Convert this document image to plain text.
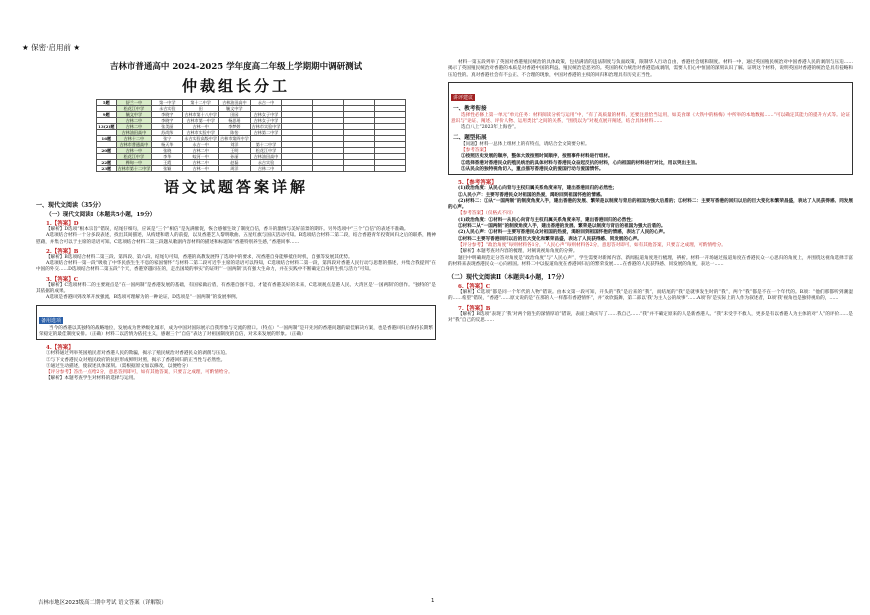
★ 保密·启用前 ★
吉林市普通高中 2024-2025 学年度高二年级上学期期中调研测试
仲裁组长分工
5题	舒兰一中	第一中学	第十二中学	吉林油田高中	永吉一中				
	松花江中学	永吉实验	田	毓文中学					
9题	毓文中学	李晓宇	吉林市第十八中学	田园	吉林女子中学				
	吉林二中	李晓宇	吉林市第一中学	杨思瑶	吉林女子中学				
13(2)题	吉林二中	张美丽	吉林一中	李梦婷	吉林市实验中学				
	吉林油田高中	苏尚纬	吉林市实验中学	陈怡	吉林第二中学				
16题	吉林十二中	张宁	永吉实验高级中学	吉林市第四中学					
	吉林市普通高中	杨天华	永吉一中	刘洋	第十二中学				
20题	吉林一中	张晓	吉林二中	王明	松花江中学				
	松花江中学	李华	蛟河一中	孙丽	吉林油田高中				
22题	桦甸一中	王霞	吉林二中	赵磊	永吉实验				
23题	吉林市第十二中学	张颖	吉林一中	周洋	吉林二中				
语文试题答案详解
一、现代文阅读（35分）
（一）现代文阅读Ⅰ（本题共5小题，19分）
1.【答案】D

【解析】D选项“根本宗旨”错误，结尾仔细句，应该是“三个”相信“是先满催促，恢合感催生效了制度自信，香斗的激情与美好前景的期许。另外选项中“三个”自信“的表述不准确。

A选项结合材料一十分多段表述，找出其间描述，从构建和谐人的前提，以及香港艺人黎明歌曲、五星红旗与国庆活动可知。B选项结合材料二第二段，结合香港青年投资回归之后的联系，精神慰藉，并集合可以于主席的话语可知。C选项结合材料二第三段题从歌剧内容材料的描述和标题知“香港特别养生感，”香港同事……

2.【答案】B

【解析】B选项结合材料二第三段、第四段、第六段、结尾句可知，香港的高教发展得了选项中的要求，况香港自身能够抵住时机，自强等发展其优势。

A选项结合材料一第一段“吸收了中华民族生生不息的家国情怀”与材料二第二段可近乎主席的话语可以得知，C选项结合材料二第一段，第四段对香港人民行动与思想的描述，并集合我提到“在中国的外交……D选项结合材料二第五段“个天，香港穿越同在的，走出国境的事实”的证明“‘一国两制’具有强大生命力，并在实践中不断确定自身的生机与活力”可知。

3.【答案】C

【解析】C选项材料二的主要观点是“在一国两制”是香港发展的基础，有国家做后盾，有香港自强不息，才能有香港美好的未来，C选项观点是港人民、大湾区是‘一国两制’的创作。“独特的”是其依据的成果。

A选项是香港回到改革开放强流，B选项可理解为的一种论证，D选项是“一国两制”的发展事例。

备用选项

当今的香港以其独特的战略地位，发展成为世界级化城市，成为中国对国际展示自我形象与交流的窗口。（特点）“一国两制”是开先河的香港问题的最佳解决方案，也是香港回归后保持长期繁荣稳定的最佳制度安排。（正确）材料二以活情为依托主义，感谢三个“自信”表达了对祖国制度的自信，对未来发展的形象。（正确）

4.【答案】

①材料通过列举英国殖民者对香港人民的欺骗，揭示了殖民统治对香港民众的剥削与压迫。

②与下文香港民众对殖民政府的抗拒形成鲜明对照，揭示了香港回归的正当性与必然性。

③通过生动描述，使叙述具体深刻。（需根据原文加以修改，以便给分）

【评分参考】答出一点给2分，意思答到即可，如有其他答案，只要言之成理，可酌情给分。

【解析】本题考查学生对材料的选择与运用。

材料一第五段列举了英国对香港殖民统治的具体政策，包括满清的违法制度与负面政策，限制华人行动自由，香港社会缓和制度。材料一中，通过英国殖民统治对中国香港人民的剥削与压迫……揭示了英国殖民统治对香港的本质是对香港中国的利益。殖民统治是恶劣的。英国的权力统治对香港造成剥削，需要人们心中恒固的深刻认识了解。证明这个材料，说明英国对香港的统治是具有侵略和压迫性的。真对香港社会有不公正、不合理的现象，中国对香港的主权的回归和治理具有历史正当性。

讲评建议
一、教考衔接

选择性必修上第一单元“单元任务：材料阅读分析与运用”中，“有了高质量的材料，还要注意恰当运用，如美食课《大铁中的杨梅》中所举的本地数据……”可以确定其能力的提升方式等。论证意识与“论证、阐述、评价人物、运用类比”之间的关系，“围绕以为”对观点展开阐述，结合具体材料……

选自八上“2023年上海卷”。

二、题型拓展

【问题】材料一总体上组材上的有特点，请结合全文简要分析。

【参考答案】

①按照历史发展的顺序，整体大致按照时间顺序，按照事件材料进行组材。

②选择香港对香港民众的殖民统治的具体材料与香港民众奋起反抗的材料，心向祖国的材料进行对比，用以突出主旨。

③从民众的独特视角切入，重点描写香港民众的爱国行动与爱国情怀。

5.【参考答案】

(1)政治角度：从民心向背与主权归属关系角度来写，建出香港回归的必然性；

②人民小产：主要写香港民众对祖国的热爱，渴盼回到祖国怀抱的情感。

(2)材料二：①从“一国两制”的制度角度入手，建出香港的发展、繁荣是以制度与背后的祖国为强大后盾的；②材料二：主要写香港的回归以后的巨大变化和繁荣昌盛，表达了人民获得感、同发展的心声。

【参考答案】（仅格式不同）

(1)政治角度：①材料一从民心向背与主权归属关系角度来写，建出香港回归的必然性；

②材料二从“一国两制”的制度角度入手，建出香港的发展、繁荣是以制度与背后的祖国为强大后盾的。

(2)人民心声：①材料一主要写香港民众对祖国的热爱，渴盼回到祖国怀抱的情感，表达了人民的心声。

②材料二主要写香港回归以后的巨大变化和繁荣昌盛，表达了人民获得感、同发展的心声。

【评分参考】“政治角度”每则材料各1分，“人民心声”每则材料各2分，意思答对即可，如有其他答案，只要言之成理，可酌情给分。

【解析】本题考查对内容的梳理，对阐说视角角度的分辨。

题目中明确规范定分答对角度是“政治角度”与“人民心声”，学生需要对新闻内容、新闻报道角度进行梳理，辨析。材料一开场通过报道角度在香港民众一心思归的角度上，并围绕这视角选择丰富的材料来表现香港民众一心向祖国。材料二中以报道角度在香港回归后的繁荣发展……在香港的人民获得感、同发展的角度，表达一……

（二）现代文阅读Ⅱ（本题共4小题，17分）
6.【答案】C

【解析】C选项“都是同一个年代的人物”错误。由本文第一段可知，开头的“我”是后来的“我”，而结尾的“我”是就事发生时的“我”，两个“我”都是不在一个年代的。B项：“他们那都听到潮湿的……希望”错误，“香港”……原文说的是“在那的人一样都有香港情怀”，并“欢欣鼓舞，第二部以‘我’为主人公的故事”……A项‘你’是实际上的人作为叙述者，D项‘我’视角也是独特视角的，……

7.【答案】B

【解析】B选项“表现了‘我’对两个陌生的深情厚谊”错误，表面上确实写了……我自己……“我”并不确定原来的人是新香港人。“我”未受手不救人，更多是有以香港人为主体的对“人”的评价……是对“我”自己的反思……

吉林市地区2023级高二期中考试 语文答案（详解版）	1
